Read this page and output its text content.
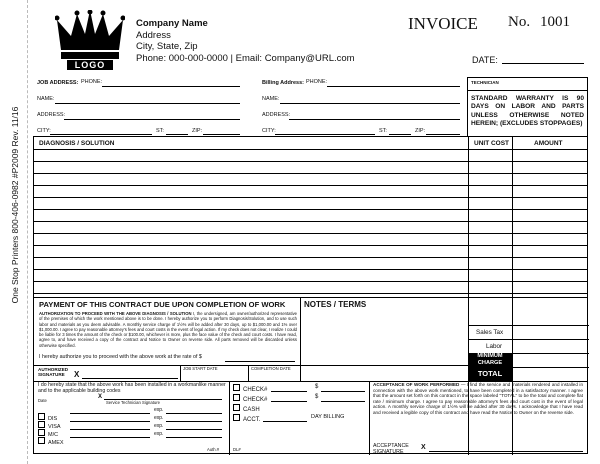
One Stop Printers 800-406-0982 #P2009 Rev. 11/16
LOGO
Company Name
Address
City, State, Zip
Phone: 000-000-0000 | Email: Company@URL.com
INVOICE No. 1001
DATE:
JOB ADDRESS: PHONE:
NAME:
ADDRESS:
CITY:	ST:	ZIP:
Billing Address: PHONE:
NAME:
ADDRESS:
CITY:	ST:	ZIP:
TECHNICIAN
STANDARD WARRANTY IS 90 DAYS ON LABOR AND PARTS UNLESS OTHERWISE NOTED HEREIN; (EXCLUDES STOPPAGES)
DIAGNOSIS / SOLUTION	UNIT COST	AMOUNT
PAYMENT OF THIS CONTRACT DUE UPON COMPLETION OF WORK
AUTHORIZATION TO PROCEED WITH THE ABOVE DIAGNOSIS / SOLUTION I, the undersigned, am owner/authorized representative of the premises of which the work mentioned above is to be done. I hereby authorize you to perform Diagnosis/Solution, and to use such labor and materials as you deem advisable. A monthly service charge of 1½% will be added after 30 days, up to $1,000.00 and 1% over $1,000.00. I agree to pay reasonable attorney's fees and court costs in the event of legal action. If my check does not clear, I realize I could be liable for 3 times the amount of the check or $100.00, whichever is more, plus the face value of the check and court costs. I have read, agree to, and have received a copy of the contract and Notice to Owner on reverse side. All parts removed will be discarded unless otherwise specified.
I hereby authorize you to proceed with the above work at the rate of $
NOTES / TERMS
Sales Tax
Labor
MINIMUM CHARGE
TOTAL
AUTHORIZED SIGNATURE	X
JOB START DATE	COMPLETION DATE
I do hereby state that the above work has been installed in a workmanlike manner and to the applicable building codes
Date
X
Service Technician Signature
DIS
VISA
M/C
AMEX
exp.
exp.
exp.
exp.
Auth.#
CHECK#
CHECK#
CASH
ACCT.
$
$
DAY BILLING
DL#
ACCEPTANCE OF WORK PERFORMED — I find the service and materials rendered and installed in connection with the above work mentioned, to have been completed in a satisfactory manner. I agree that the amount set forth on this contract in the space labeled "TOTAL" to be the total and complete flat rate / minimum charge. I agree to pay reasonable attorney's fees and court cost in the event of legal action. A monthly service charge of 1½% will be added after 30 days. I acknowledge that I have read and received a legible copy of this contract and have read the Notice to Owner on the reverse side.
ACCEPTANCE SIGNATURE
X
